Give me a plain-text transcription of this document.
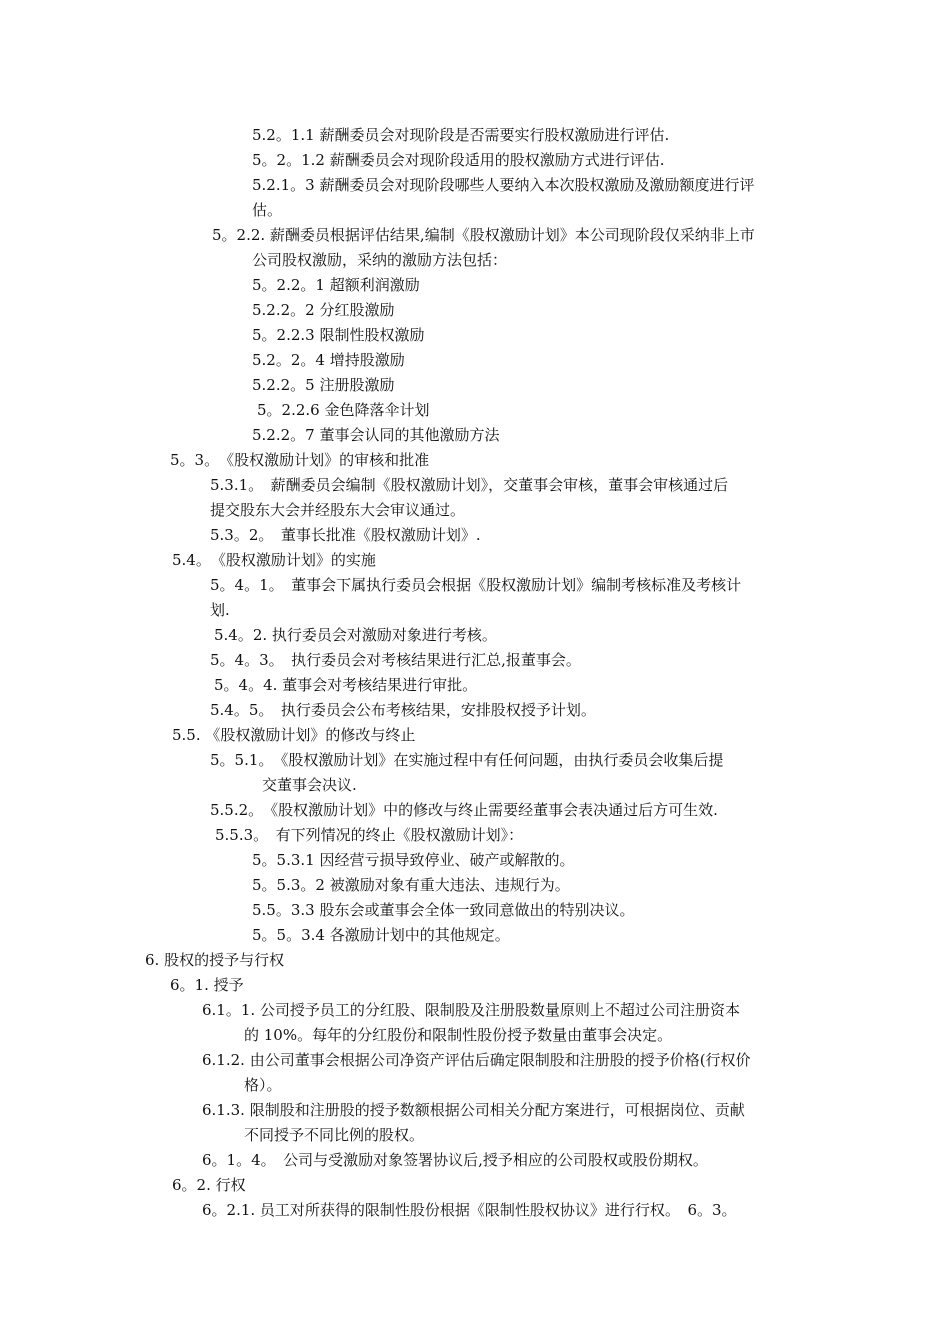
5.2。1.1 薪酬委员会对现阶段是否需要实行股权激励进行评估.
5。2。1.2 薪酬委员会对现阶段适用的股权激励方式进行评估.
5.2.1。3 薪酬委员会对现阶段哪些人要纳入本次股权激励及激励额度进行评
估。
5。2.2. 薪酬委员根据评估结果,编制《股权激励计划》本公司现阶段仅采纳非上市
公司股权激励，采纳的激励方法包括：
5。2.2。1 超额利润激励
5.2.2。2 分红股激励
5。2.2.3 限制性股权激励
5.2。2。4 增持股激励
5.2.2。5 注册股激励
5。2.2.6 金色降落伞计划
5.2.2。7 董事会认同的其他激励方法
5。3。　《股权激励计划》的审核和批准
5.3.1。　薪酬委员会编制《股权激励计划》，交董事会审核，董事会审核通过后
提交股东大会并经股东大会审议通过。
5.3。2。　董事长批准《股权激励计划》.
5.4。　《股权激励计划》的实施
5。4。1。　董事会下属执行委员会根据《股权激励计划》编制考核标准及考核计
划.
5.4。2. 执行委员会对激励对象进行考核。
5。4。3。　执行委员会对考核结果进行汇总,报董事会。
5。4。4. 董事会对考核结果进行审批。
5.4。5。　执行委员会公布考核结果，安排股权授予计划。
5.5. 《股权激励计划》的修改与终止
5。5.1。　《股权激励计划》在实施过程中有任何问题，由执行委员会收集后提
交董事会决议.
5.5.2。　《股权激励计划》中的修改与终止需要经董事会表决通过后方可生效.
5.5.3。　有下列情况的终止《股权激励计划》：
5。5.3.1 因经营亏损导致停业、破产或解散的。
5。5.3。2 被激励对象有重大违法、违规行为。
5.5。3.3 股东会或董事会全体一致同意做出的特别决议。
5。5。3.4 各激励计划中的其他规定。
6. 股权的授予与行权
6。1. 授予
6.1。1. 公司授予员工的分红股、限制股及注册股数量原则上不超过公司注册资本
的 10%。每年的分红股份和限制性股份授予数量由董事会决定。
6.1.2. 由公司董事会根据公司净资产评估后确定限制股和注册股的授予价格(行权价
格）。
6.1.3. 限制股和注册股的授予数额根据公司相关分配方案进行，可根据岗位、贡献
不同授予不同比例的股权。
6。1。4。　公司与受激励对象签署协议后,授予相应的公司股权或股份期权。
6。2. 行权
6。2.1. 员工对所获得的限制性股份根据《限制性股权协议》进行行权。　6。3。
